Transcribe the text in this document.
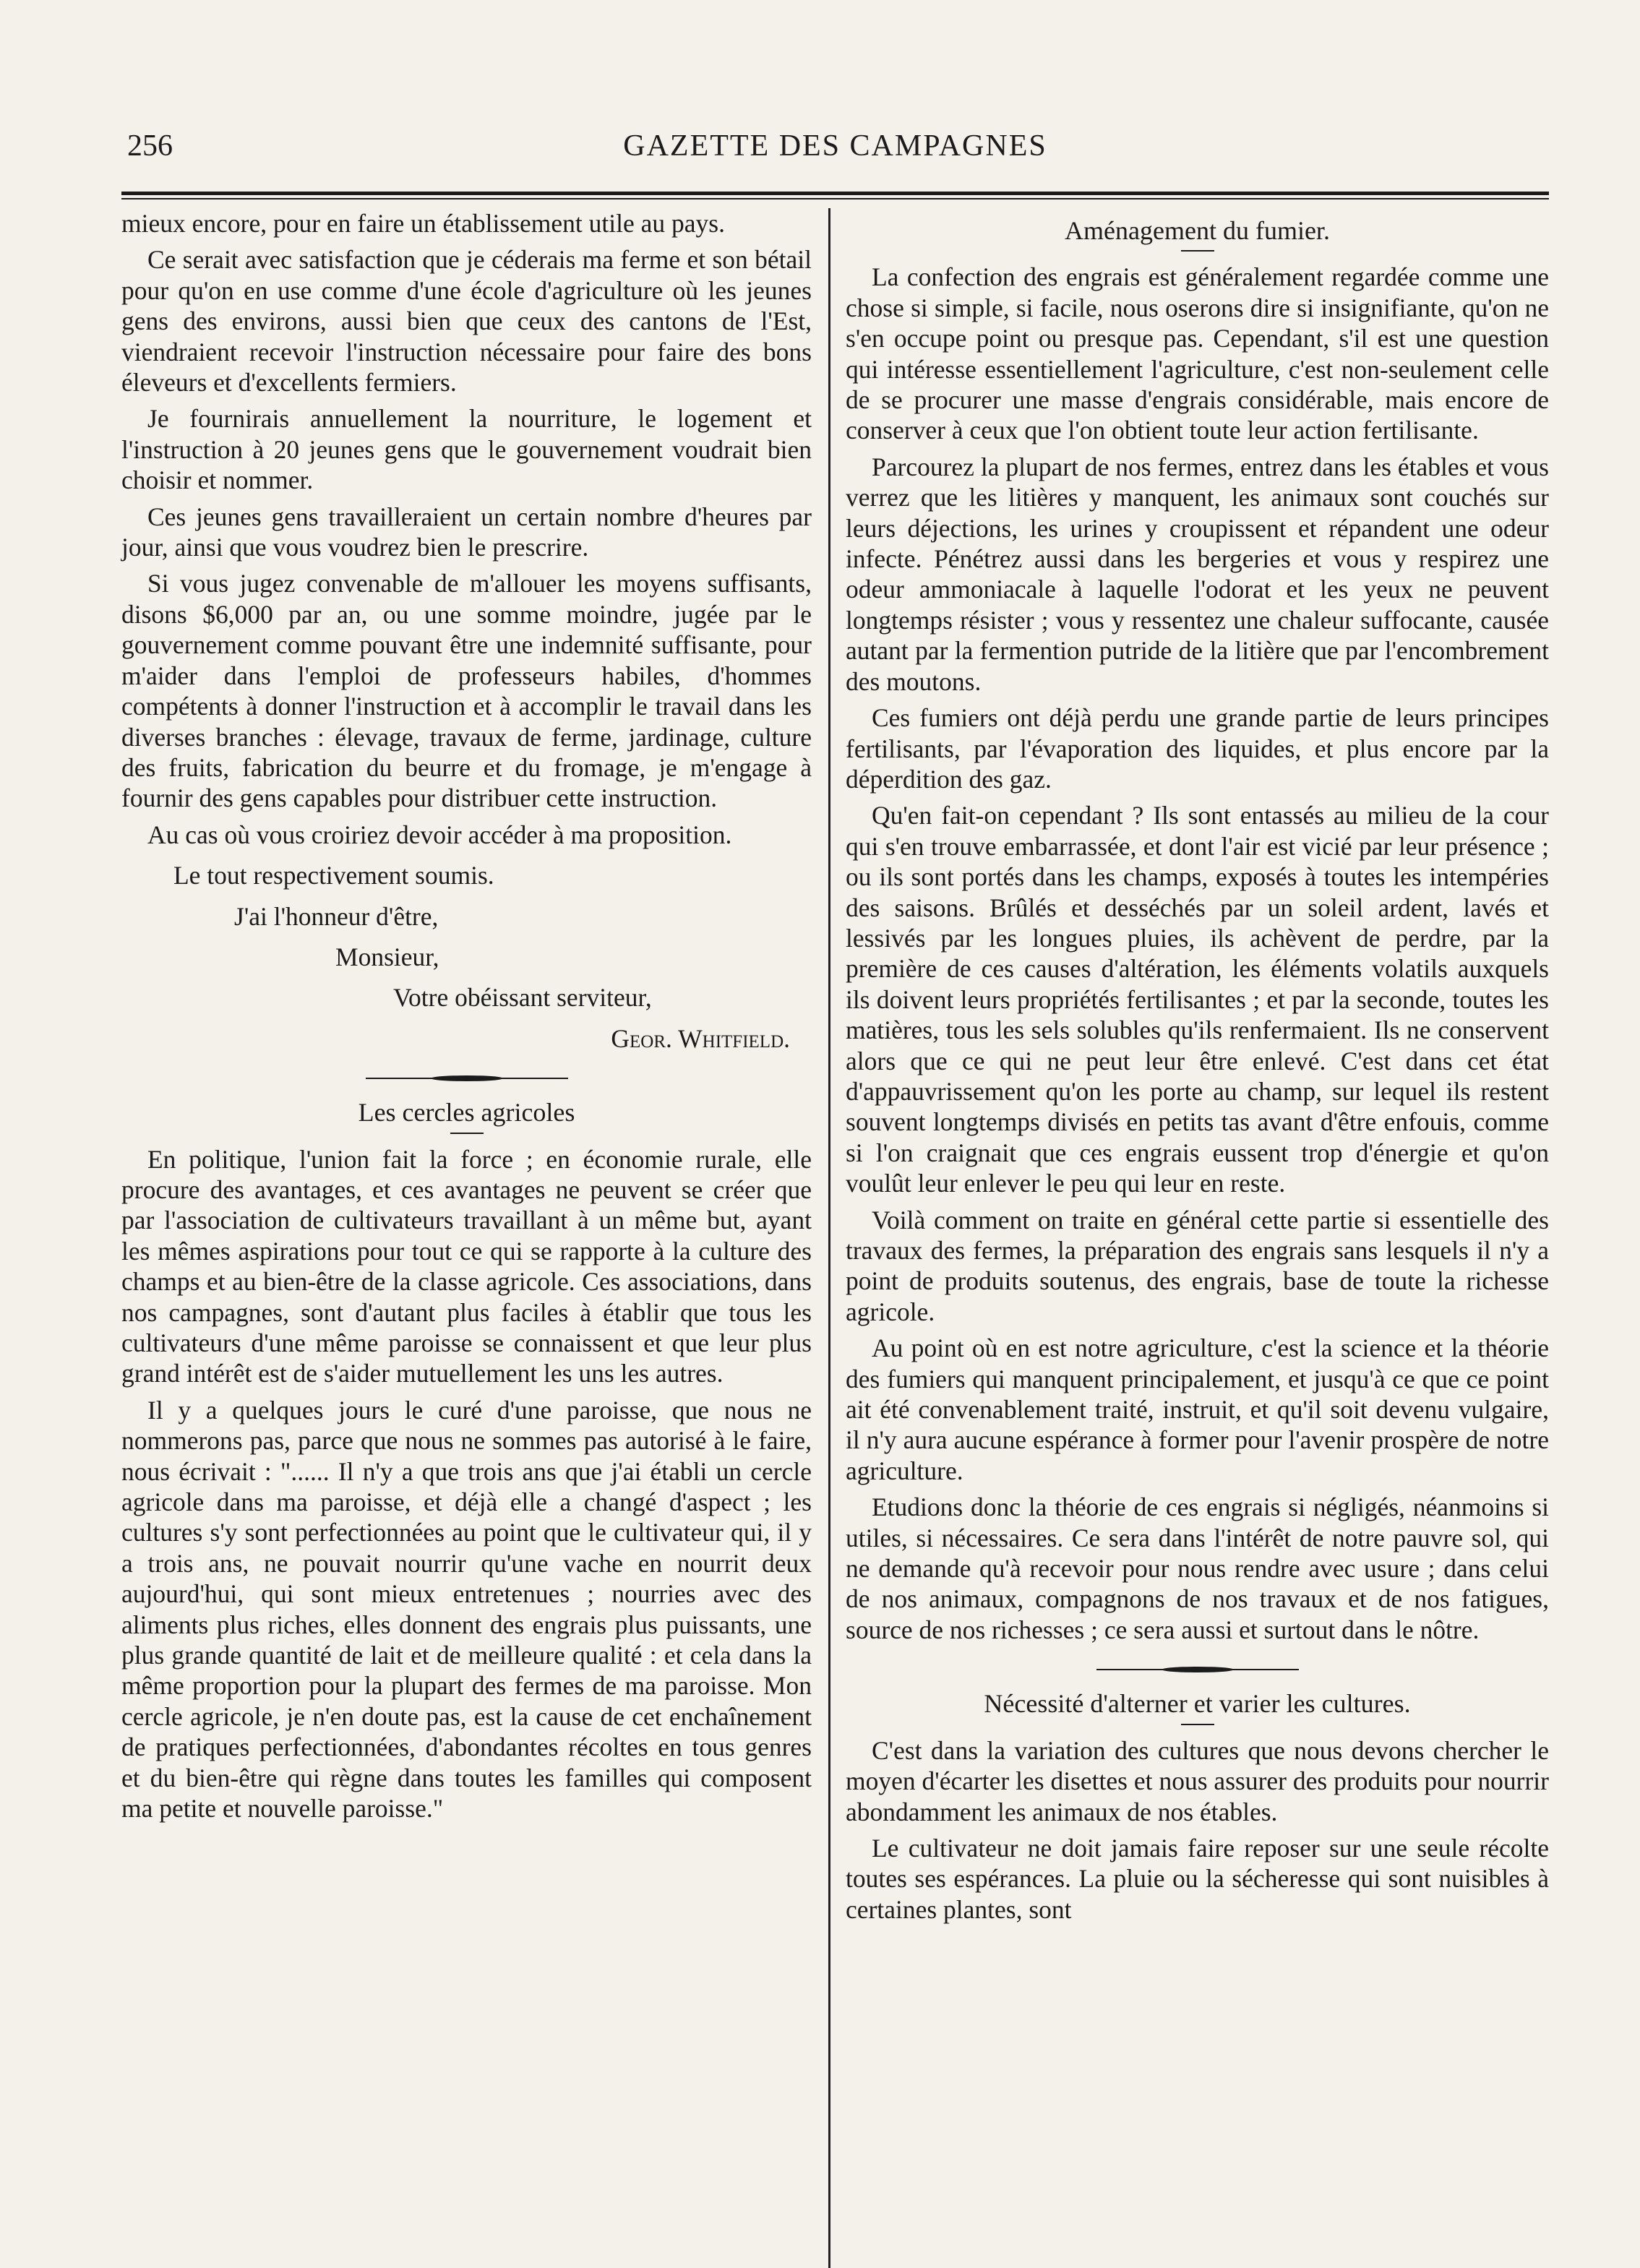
256	GAZETTE DES CAMPAGNES

mieux encore, pour en faire un établissement utile au pays.

Ce serait avec satisfaction que je céderais ma ferme et son bétail pour qu'on en use comme d'une école d'agriculture où les jeunes gens des environs, aussi bien que ceux des cantons de l'Est, viendraient recevoir l'instruction nécessaire pour faire des bons éleveurs et d'excellents fermiers.

Je fournirais annuellement la nourriture, le logement et l'instruction à 20 jeunes gens que le gouvernement voudrait bien choisir et nommer.

Ces jeunes gens travailleraient un certain nombre d'heures par jour, ainsi que vous voudrez bien le prescrire.

Si vous jugez convenable de m'allouer les moyens suffisants, disons $6,000 par an, ou une somme moindre, jugée par le gouvernement comme pouvant être une indemnité suffisante, pour m'aider dans l'emploi de professeurs habiles, d'hommes compétents à donner l'instruction et à accomplir le travail dans les diverses branches : élevage, travaux de ferme, jardinage, culture des fruits, fabrication du beurre et du fromage, je m'engage à fournir des gens capables pour distribuer cette instruction.

Au cas où vous croiriez devoir accéder à ma proposition.

Le tout respectivement soumis.

J'ai l'honneur d'être,

Monsieur,

Votre obéissant serviteur,

Geor. Whitfield.

Les cercles agricoles

En politique, l'union fait la force ; en économie rurale, elle procure des avantages, et ces avantages ne peuvent se créer que par l'association de cultivateurs travaillant à un même but, ayant les mêmes aspirations pour tout ce qui se rapporte à la culture des champs et au bien-être de la classe agricole. Ces associations, dans nos campagnes, sont d'autant plus faciles à établir que tous les cultivateurs d'une même paroisse se connaissent et que leur plus grand intérêt est de s'aider mutuellement les uns les autres.

Il y a quelques jours le curé d'une paroisse, que nous ne nommerons pas, parce que nous ne sommes pas autorisé à le faire, nous écrivait : "...... Il n'y a que trois ans que j'ai établi un cercle agricole dans ma paroisse, et déjà elle a changé d'aspect ; les cultures s'y sont perfectionnées au point que le cultivateur qui, il y a trois ans, ne pouvait nourrir qu'une vache en nourrit deux aujourd'hui, qui sont mieux entretenues ; nourries avec des aliments plus riches, elles donnent des engrais plus puissants, une plus grande quantité de lait et de meilleure qualité : et cela dans la même proportion pour la plupart des fermes de ma paroisse. Mon cercle agricole, je n'en doute pas, est la cause de cet enchaînement de pratiques perfectionnées, d'abondantes récoltes en tous genres et du bien-être qui règne dans toutes les familles qui composent ma petite et nouvelle paroisse."

Aménagement du fumier.

La confection des engrais est généralement regardée comme une chose si simple, si facile, nous oserons dire si insignifiante, qu'on ne s'en occupe point ou presque pas. Cependant, s'il est une question qui intéresse essentiellement l'agriculture, c'est non-seulement celle de se procurer une masse d'engrais considérable, mais encore de conserver à ceux que l'on obtient toute leur action fertilisante.

Parcourez la plupart de nos fermes, entrez dans les étables et vous verrez que les litières y manquent, les animaux sont couchés sur leurs déjections, les urines y croupissent et répandent une odeur infecte. Pénétrez aussi dans les bergeries et vous y respirez une odeur ammoniacale à laquelle l'odorat et les yeux ne peuvent longtemps résister ; vous y ressentez une chaleur suffocante, causée autant par la fermention putride de la litière que par l'encombrement des moutons.

Ces fumiers ont déjà perdu une grande partie de leurs principes fertilisants, par l'évaporation des liquides, et plus encore par la déperdition des gaz.

Qu'en fait-on cependant ? Ils sont entassés au milieu de la cour qui s'en trouve embarrassée, et dont l'air est vicié par leur présence ; ou ils sont portés dans les champs, exposés à toutes les intempéries des saisons. Brûlés et desséchés par un soleil ardent, lavés et lessivés par les longues pluies, ils achèvent de perdre, par la première de ces causes d'altération, les éléments volatils auxquels ils doivent leurs propriétés fertilisantes ; et par la seconde, toutes les matières, tous les sels solubles qu'ils renfermaient. Ils ne conservent alors que ce qui ne peut leur être enlevé. C'est dans cet état d'appauvrissement qu'on les porte au champ, sur lequel ils restent souvent longtemps divisés en petits tas avant d'être enfouis, comme si l'on craignait que ces engrais eussent trop d'énergie et qu'on voulût leur enlever le peu qui leur en reste.

Voilà comment on traite en général cette partie si essentielle des travaux des fermes, la préparation des engrais sans lesquels il n'y a point de produits soutenus, des engrais, base de toute la richesse agricole.

Au point où en est notre agriculture, c'est la science et la théorie des fumiers qui manquent principalement, et jusqu'à ce que ce point ait été convenablement traité, instruit, et qu'il soit devenu vulgaire, il n'y aura aucune espérance à former pour l'avenir prospère de notre agriculture.

Etudions donc la théorie de ces engrais si négligés, néanmoins si utiles, si nécessaires. Ce sera dans l'intérêt de notre pauvre sol, qui ne demande qu'à recevoir pour nous rendre avec usure ; dans celui de nos animaux, compagnons de nos travaux et de nos fatigues, source de nos richesses ; ce sera aussi et surtout dans le nôtre.

Nécessité d'alterner et varier les cultures.

C'est dans la variation des cultures que nous devons chercher le moyen d'écarter les disettes et nous assurer des produits pour nourrir abondamment les animaux de nos étables.

Le cultivateur ne doit jamais faire reposer sur une seule récolte toutes ses espérances. La pluie ou la sécheresse qui sont nuisibles à certaines plantes, sont
